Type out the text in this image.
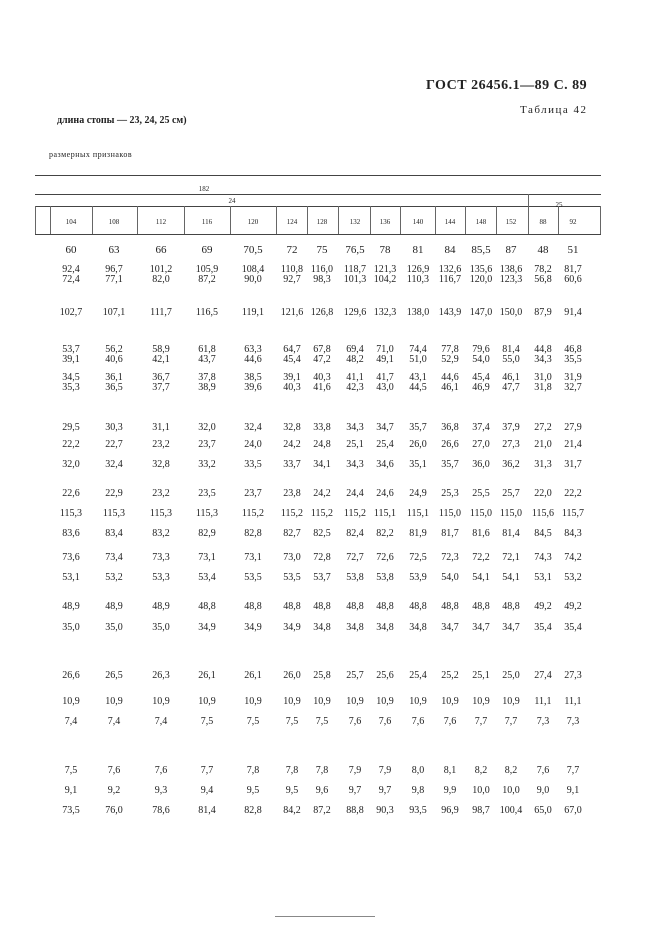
ГОСТ 26456.1—89 С. 89
Таблица 42
длина стопы — 23, 24, 25 см)
размерных признаков
182
24	25
104	108	112	116	120	124	128	132	136	140	144	148	152	88	92
60	63	66	69	70,5 72 75 76,5 78 81 84 85,5 87 48 51
92,4	96,7	101,2 105,9 108,4 110,8 116,0 118,7 121,3 126,9 132,6 135,6 138,6 78,2 81,7
72,4	77,1	82,0	87,2	90,0 92,7 98,3 101,3 104,2 110,3 116,7 120,0 123,3 56,8 60,6
102,7 107,1 111,7 116,5 119,1 121,6 126,8 129,6 132,3 138,0 143,9 147,0 150,0 87,9 91,4
53,7	56,2	58,9	61,8	63,3 64,7 67,8 69,4 71,0 74,4 77,8 79,6 81,4 44,8 46,8
39,1	40,6	42,1	43,7	44,6 45,4 47,2 48,2 49,1 51,0 52,9 54,0 55,0 34,3 35,5
34,5	36,1	36,7	37,8	38,5 39,1 40,3 41,1 41,7 43,1 44,6 45,4 46,1 31,0 31,9
35,3	36,5	37,7	38,9	39,6 40,3 41,6 42,3 43,0 44,5 46,1 46,9 47,7 31,8 32,7
29,5	30,3	31,1	32,0	32,4 32,8 33,8 34,3 34,7 35,7 36,8 37,4 37,9 27,2 27,9
22,2	22,7	23,2	23,7	24,0 24,2 24,8 25,1 25,4 26,0 26,6 27,0 27,3 21,0 21,4
32,0	32,4	32,8	33,2	33,5 33,7 34,1 34,3 34,6 35,1 35,7 36,0 36,2 31,3 31,7
22,6	22,9	23,2	23,5	23,7 23,8 24,2 24,4 24,6 24,9 25,3 25,5 25,7 22,0 22,2
115,3 115,3 115,3 115,3 115,2 115,2 115,2 115,2 115,1 115,1 115,0 115,0 115,0 115,6 115,7
83,6	83,4	83,2	82,9	82,8 82,7 82,5 82,4 82,2 81,9 81,7 81,6 81,4 84,5 84,3
73,6	73,4	73,3	73,1	73,1 73,0 72,8 72,7 72,6 72,5 72,3 72,2 72,1 74,3 74,2
53,1	53,2	53,3	53,4	53,5 53,5 53,7 53,8 53,8 53,9 54,0 54,1 54,1 53,1 53,2
48,9	48,9	48,9	48,8	48,8 48,8 48,8 48,8 48,8 48,8 48,8 48,8 48,8 49,2 49,2
35,0	35,0	35,0	34,9	34,9 34,9 34,8 34,8 34,8 34,8 34,7 34,7 34,7 35,4 35,4
26,6	26,5	26,3	26,1	26,1 26,0 25,8 25,7 25,6 25,4 25,2 25,1 25,0 27,4 27,3
10,9	10,9	10,9	10,9	10,9 10,9 10,9 10,9 10,9 10,9 10,9 10,9 10,9 11,1 11,1
7,4	7,4	7,4	7,5	7,5	7,5 7,5 7,6 7,6 7,6 7,6 7,7 7,7 7,3 7,3
7,5	7,6	7,6	7,7	7,8	7,8 7,8 7,9 7,9 8,0 8,1 8,2 8,2 7,6 7,7
9,1	9,2	9,3	9,4	9,5	9,5 9,6 9,7 9,7 9,8 9,9 10,0 10,0 9,0 9,1
73,5	76,0	78,6	81,4	82,8 84,2 87,2 88,8 90,3 93,5 96,9 98,7 100,4 65,0 67,0
